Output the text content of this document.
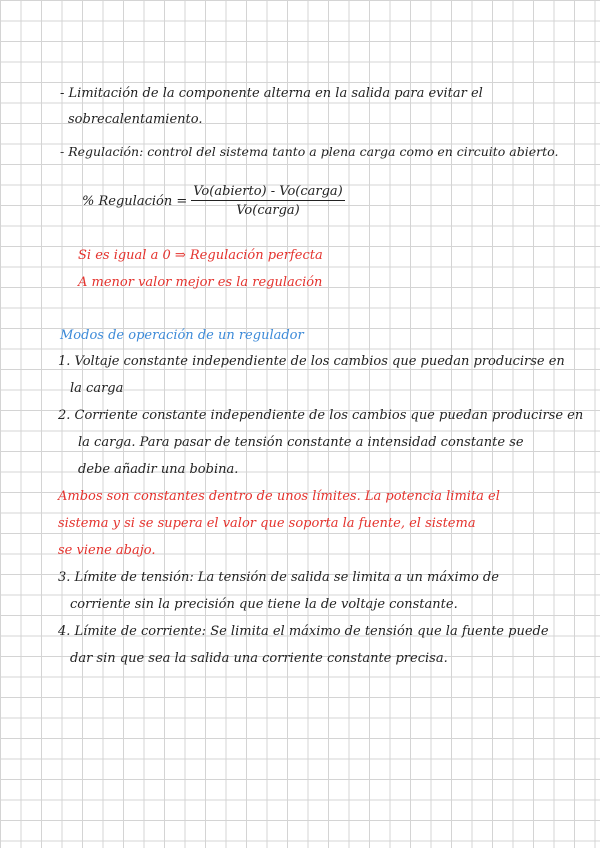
- Limitación de la componente alterna en la salida para evitar el
sobrecalentamiento.
- Regulación: control del sistema tanto a plena carga como en circuito abierto.
% Regulación = $\frac{\text{Vo(abierto) - Vo(carga)}}{\text{Vo(carga)}}$
Si es igual a 0 ⇒ Regulación perfecta
A menor valor mejor es la regulación
Modos de operación de un regulador
1. Voltaje constante independiente de los cambios que puedan producirse en
la carga
2. Corriente constante independiente de los cambios que puedan producirse en
la carga. Para pasar de tensión constante a intensidad constante se
debe añadir una bobina.
Ambos son constantes dentro de unos límites. La potencia limita el
sistema y si se supera el valor que soporta la fuente, el sistema
se viene abajo.
3. Límite de tensión: La tensión de salida se limita a un máximo de
corriente sin la precisión que tiene la de voltaje constante.
4. Límite de corriente: Se limita el máximo de tensión que la fuente puede
dar sin que sea la salida una corriente constante precisa.
